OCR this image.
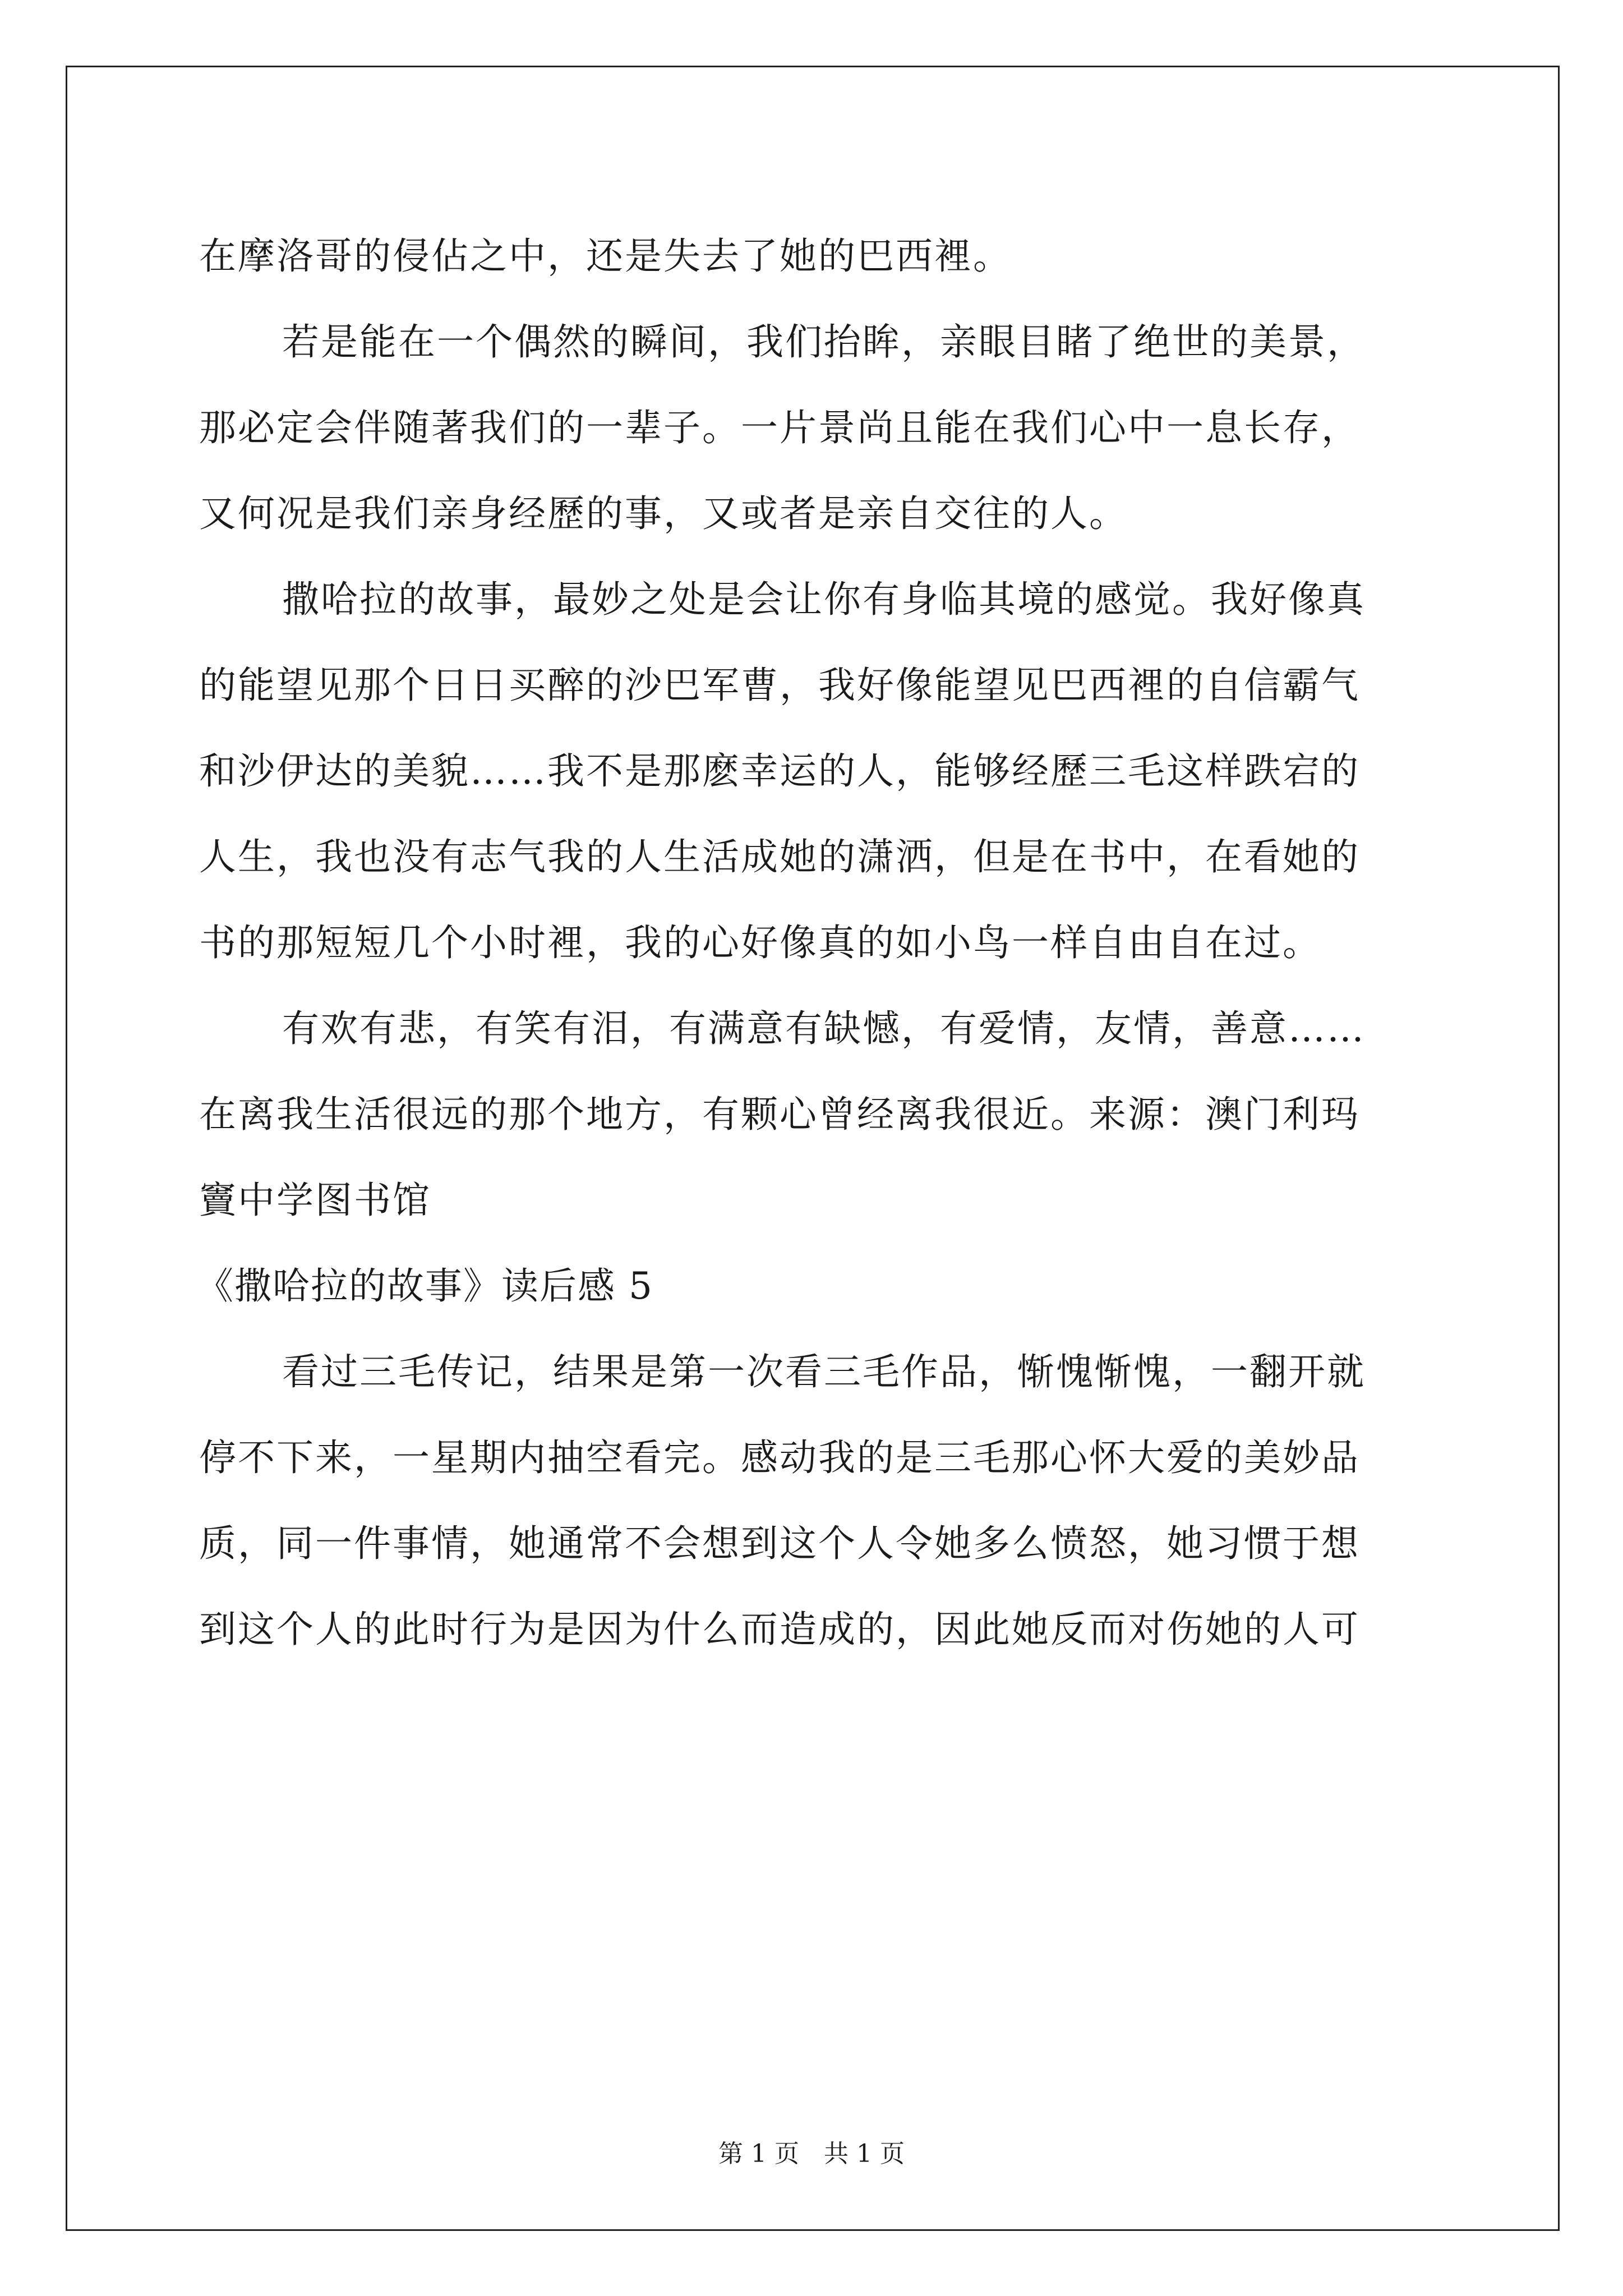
在摩洛哥的侵佔之中，还是失去了她的巴西裡。
若是能在一个偶然的瞬间，我们抬眸，亲眼目睹了绝世的美景，
那必定会伴随著我们的一辈子。一片景尚且能在我们心中一息长存，
又何况是我们亲身经歷的事，又或者是亲自交往的人。
撒哈拉的故事，最妙之处是会让你有身临其境的感觉。我好像真
的能望见那个日日买醉的沙巴军曹，我好像能望见巴西裡的自信霸气
和沙伊达的美貌……我不是那麽幸运的人，能够经歷三毛这样跌宕的
人生，我也没有志气我的人生活成她的潇洒，但是在书中，在看她的
书的那短短几个小时裡，我的心好像真的如小鸟一样自由自在过。
有欢有悲，有笑有泪，有满意有缺憾，有爱情，友情，善意……
在离我生活很远的那个地方，有颗心曾经离我很近。来源：澳门利玛
竇中学图书馆
《撒哈拉的故事》读后感 5
看过三毛传记，结果是第一次看三毛作品，惭愧惭愧，一翻开就
停不下来，一星期内抽空看完。感动我的是三毛那心怀大爱的美妙品
质，同一件事情，她通常不会想到这个人令她多么愤怒，她习惯于想
到这个人的此时行为是因为什么而造成的，因此她反而对伤她的人可
第 1 页 共 1 页
